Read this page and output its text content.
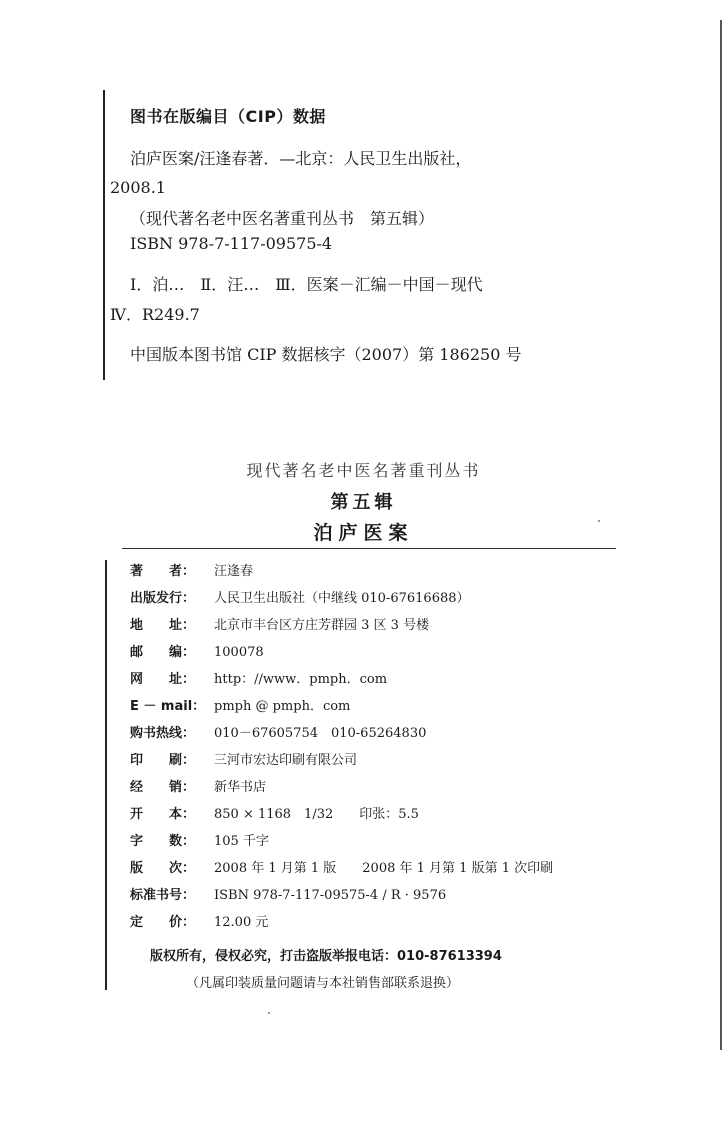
图书在版编目（CIP）数据
泊庐医案/汪逢春著．—北京：人民卫生出版社，
2008.1
（现代著名老中医名著重刊丛书　第五辑）
ISBN 978-7-117-09575-4
Ⅰ．泊…　Ⅱ．汪…　Ⅲ．医案－汇编－中国－现代
Ⅳ．R249.7
中国版本图书馆 CIP 数据核字（2007）第 186250 号
现代著名老中医名著重刊丛书
第五辑
泊庐医案
著　　者： 汪逢春
出版发行： 人民卫生出版社（中继线 010-67616688）
地　　址： 北京市丰台区方庄芳群园 3 区 3 号楼
邮　　编： 100078
网　　址： http：//www．pmph．com
E － mail： pmph @ pmph．com
购书热线： 010－67605754　010-65264830
印　　刷： 三河市宏达印刷有限公司
经　　销： 新华书店
开　　本： 850 × 1168　1/32　　印张：5.5
字　　数： 105 千字
版　　次： 2008 年 1 月第 1 版　　2008 年 1 月第 1 版第 1 次印刷
标准书号： ISBN 978-7-117-09575-4 / R · 9576
定　　价： 12.00 元
版权所有，侵权必究，打击盗版举报电话：010-87613394
（凡属印装质量问题请与本社销售部联系退换）
